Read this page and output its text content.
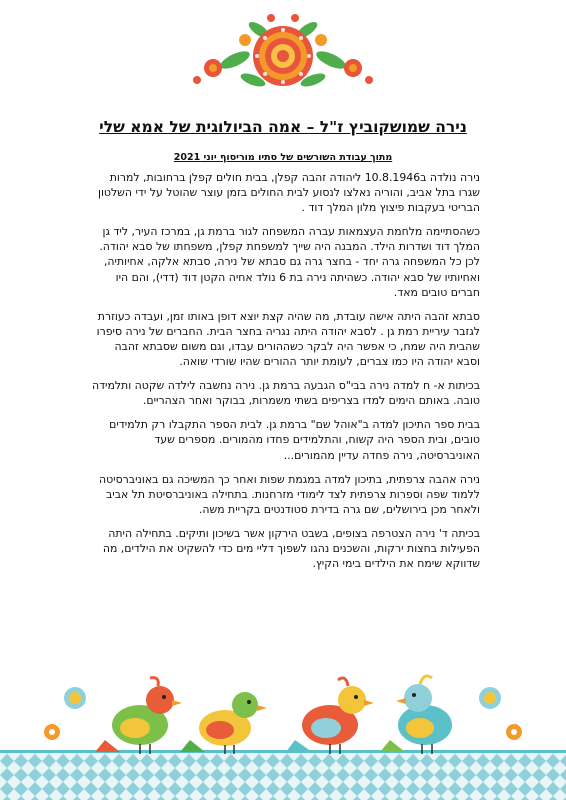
נירה שמושקוביץ ז"ל – אמה הביולוגית של אמא שלי
מתוך עבודת השורשים של סתיו מוריסוף יוני 2021

נירה נולדה ב10.8.1946 ליהודה זהבה קפלן, בבית חולים קפלן ברחובות, למרות שגרו בתל אביב, והוריה נאלצו לנסוע לבית החולים בזמן עוצר שהוטל על ידי השלטון הבריטי בעקבות פיצוץ מלון המלך דוד .

כשהסתיימה מלחמת העצמאות עברה המשפחה לגור ברמת גן, במרכז העיר, ליד גן המלך דוד ושדרות הילד. המבנה היה שייך למשפחת קפלן, משפחתו של סבא יהודה. לכן כל המשפחה גרה יחד - בחצר גרה גם סבתא של נירה, סבתא אלקה, אחיותיה, ואחיותיו של סבא יהודה. כשהיתה נירה בת 6 נולד אחיה הקטן דוד (דדי), והם היו חברים טובים מאד.

סבתא זהבה היתה אישה עובדת, מה שהיה קצת יוצא דופן באותו זמן, ועבדה כעוזרת לגזבר עיריית רמת גן . לסבא יהודה היתה נגריה בחצר הבית. החברים של נירה סיפרו שהבית היה שמח, כי אפשר היה לבקר כשההורים עבדו, וגם משום שסבתא זהבה וסבא יהודה היו כמו צברים, לעומת יותר ההורים שהיו שורדי שואה.

בכיתות א- ח למדה נירה בבי"ס הגבעה ברמת גן. נירה נחשבה לילדה שקטה ותלמידה טובה. באותם הימים למדו בצריפים בשתי משמרות, בבוקר ואחר הצהריים.

בבית ספר התיכון למדה ב"אוהל שם" ברמת גן. לבית הספר התקבלו רק תלמידים טובים, ובית הספר היה קשוח, והתלמידים פחדו מהמורים. מספרים שעד האוניברסיטה, נירה פחדה עדיין מהמורים...

נירה אהבה צרפתית, בתיכון למדה במגמת שפות ואחר כך המשיכה גם באוניברסיטה ללמוד שפה וספרות צרפתית לצד לימודי מזרחנות. בתחילה באוניברסיטת תל אביב ולאחר מכן בירושלים, שם גרה בדירת סטודנטים בקריית משה.

בכיתה ד' נירה הצטרפה בצופים, בשבט הירקון אשר בשיכון ותיקים. בתחילה היתה הפעילות בחצות ירקות, והשכנים נהגו לשפוך דליי מים כדי להשקיט את הילדים, מה שדווקא שימח את הילדים בימי הקיץ.
